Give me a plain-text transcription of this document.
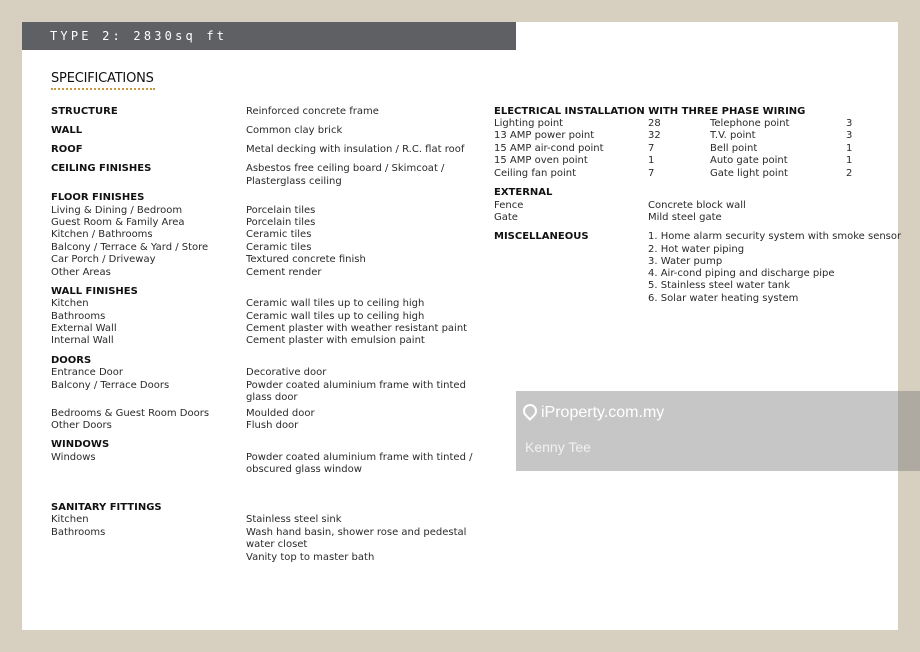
TYPE 2: 2830sq ft
SPECIFICATIONS
STRUCTURE	Reinforced concrete frame
WALL	Common clay brick
ROOF	Metal decking with insulation / R.C. flat roof
CEILING FINISHES	Asbestos free ceiling board / Skimcoat /
Plasterglass ceiling
FLOOR FINISHES
Living & Dining / Bedroom	Porcelain tiles
Guest Room & Family Area	Porcelain tiles
Kitchen / Bathrooms	Ceramic tiles
Balcony / Terrace & Yard / Store	Ceramic tiles
Car Porch / Driveway	Textured concrete finish
Other Areas	Cement render
WALL FINISHES
Kitchen	Ceramic wall tiles up to ceiling high
Bathrooms	Ceramic wall tiles up to ceiling high
External Wall	Cement plaster with weather resistant paint
Internal Wall	Cement plaster with emulsion paint
DOORS
Entrance Door	Decorative door
Balcony / Terrace Doors	Powder coated aluminium frame with tinted
glass door
Bedrooms & Guest Room Doors	Moulded door
Other Doors	Flush door
WINDOWS
Windows	Powder coated aluminium frame with tinted /
obscured glass window
SANITARY FITTINGS
Kitchen	Stainless steel sink
Bathrooms	Wash hand basin, shower rose and pedestal
water closet
Vanity top to master bath
ELECTRICAL INSTALLATION WITH THREE PHASE WIRING
Lighting point	28	Telephone point	3
13 AMP power point	32	T.V. point	3
15 AMP air-cond point	7	Bell point	1
15 AMP oven point	1	Auto gate point	1
Ceiling fan point	7	Gate light point	2
EXTERNAL
Fence	Concrete block wall
Gate	Mild steel gate
MISCELLANEOUS	1. Home alarm security system with smoke sensor
2. Hot water piping
3. Water pump
4. Air-cond piping and discharge pipe
5. Stainless steel water tank
6. Solar water heating system
iProperty.com.my
Kenny Tee
